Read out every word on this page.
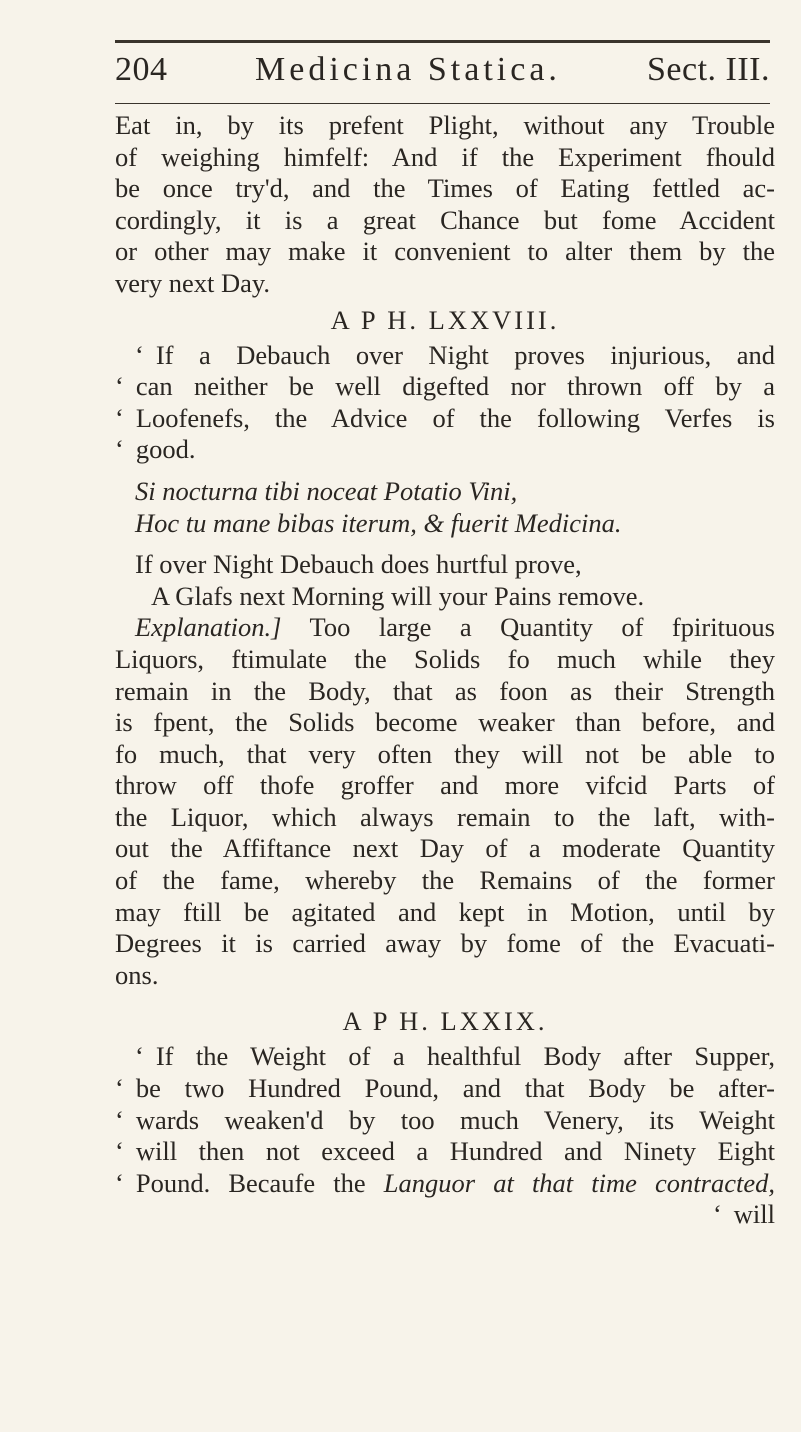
204	Medicina Statica.	Sect. III.
Eat in, by its prefent Plight, without any Trouble
of weighing himfelf: And if the Experiment fhould
be once try'd, and the Times of Eating fettled ac-
cordingly, it is a great Chance but fome Accident
or other may make it convenient to alter them by the
very next Day.
A P H. LXXVIII.
‘ If a Debauch over Night proves injurious, and
‘ can neither be well digefted nor thrown off by a
‘ Loofenefs, the Advice of the following Verfes is
‘ good.
Si nocturna tibi noceat Potatio Vini,
Hoc tu mane bibas iterum, & fuerit Medicina.
If over Night Debauch does hurtful prove,
A Glafs next Morning will your Pains remove.
Explanation.] Too large a Quantity of fpirituous
Liquors, ftimulate the Solids fo much while they
remain in the Body, that as foon as their Strength
is fpent, the Solids become weaker than before, and
fo much, that very often they will not be able to
throw off thofe groffer and more vifcid Parts of
the Liquor, which always remain to the laft, with-
out the Affiftance next Day of a moderate Quantity
of the fame, whereby the Remains of the former
may ftill be agitated and kept in Motion, until by
Degrees it is carried away by fome of the Evacuati-
ons.
A P H. LXXIX.
‘ If the Weight of a healthful Body after Supper,
‘ be two Hundred Pound, and that Body be after-
‘ wards weaken'd by too much Venery, its Weight
‘ will then not exceed a Hundred and Ninety Eight
‘ Pound. Becaufe the Languor at that time contracted,
‘ will
